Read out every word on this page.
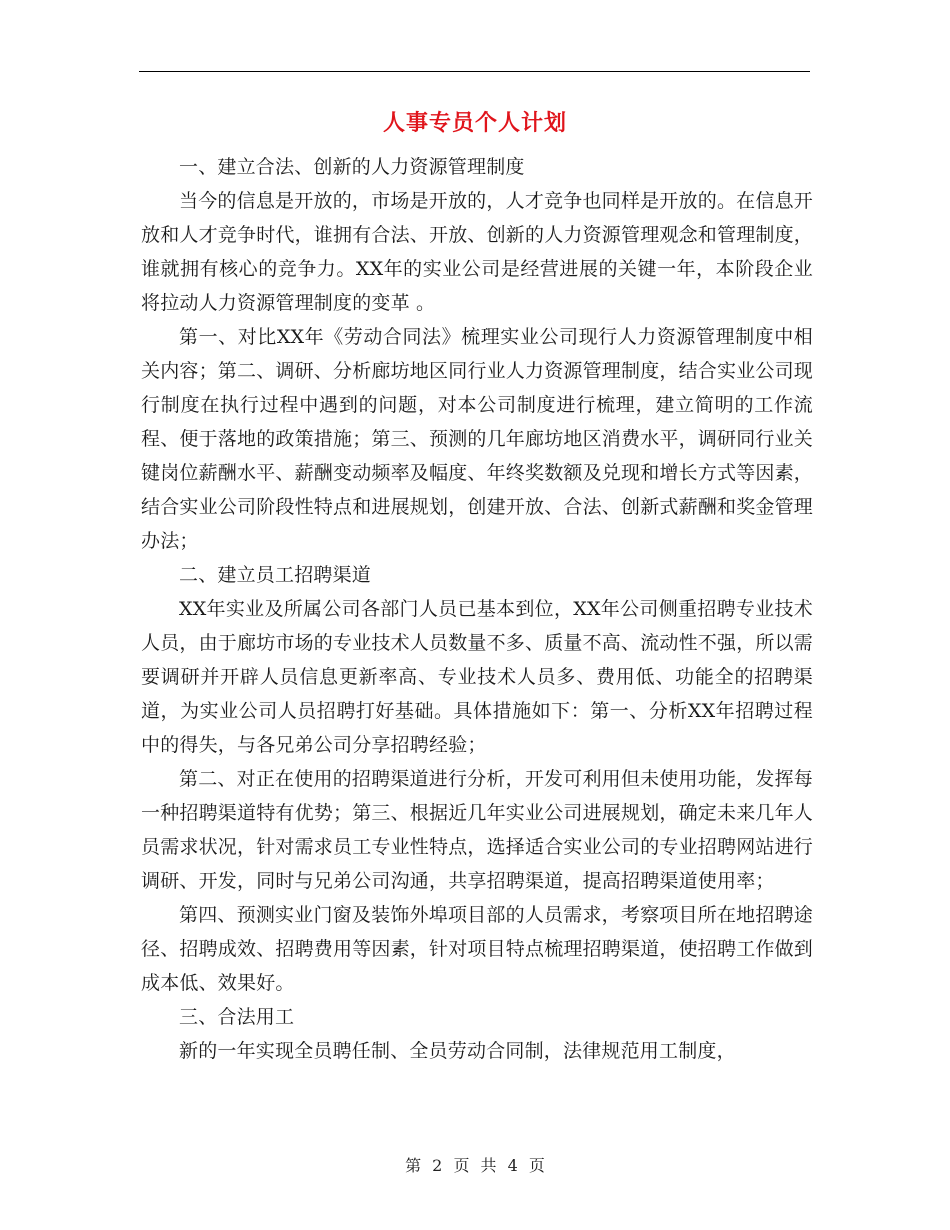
人事专员个人计划

一、建立合法、创新的人力资源管理制度

当今的信息是开放的，市场是开放的，人才竞争也同样是开放的。在信息开放和人才竞争时代，谁拥有合法、开放、创新的人力资源管理观念和管理制度，谁就拥有核心的竞争力。XX年的实业公司是经营进展的关键一年，本阶段企业将拉动人力资源管理制度的变革 。

第一、对比XX年《劳动合同法》梳理实业公司现行人力资源管理制度中相关内容；第二、调研、分析廊坊地区同行业人力资源管理制度，结合实业公司现行制度在执行过程中遇到的问题，对本公司制度进行梳理，建立简明的工作流程、便于落地的政策措施；第三、预测的几年廊坊地区消费水平，调研同行业关键岗位薪酬水平、薪酬变动频率及幅度、年终奖数额及兑现和增长方式等因素，结合实业公司阶段性特点和进展规划，创建开放、合法、创新式薪酬和奖金管理办法；

二、建立员工招聘渠道

XX年实业及所属公司各部门人员已基本到位，XX年公司侧重招聘专业技术人员，由于廊坊市场的专业技术人员数量不多、质量不高、流动性不强，所以需要调研并开辟人员信息更新率高、专业技术人员多、费用低、功能全的招聘渠道，为实业公司人员招聘打好基础。具体措施如下：第一、分析XX年招聘过程中的得失，与各兄弟公司分享招聘经验；

第二、对正在使用的招聘渠道进行分析，开发可利用但未使用功能，发挥每一种招聘渠道特有优势；第三、根据近几年实业公司进展规划，确定未来几年人员需求状况，针对需求员工专业性特点，选择适合实业公司的专业招聘网站进行调研、开发，同时与兄弟公司沟通，共享招聘渠道，提高招聘渠道使用率；

第四、预测实业门窗及装饰外埠项目部的人员需求，考察项目所在地招聘途径、招聘成效、招聘费用等因素，针对项目特点梳理招聘渠道，使招聘工作做到成本低、效果好。

三、合法用工

新的一年实现全员聘任制、全员劳动合同制，法律规范用工制度，

第 2 页 共 4 页
